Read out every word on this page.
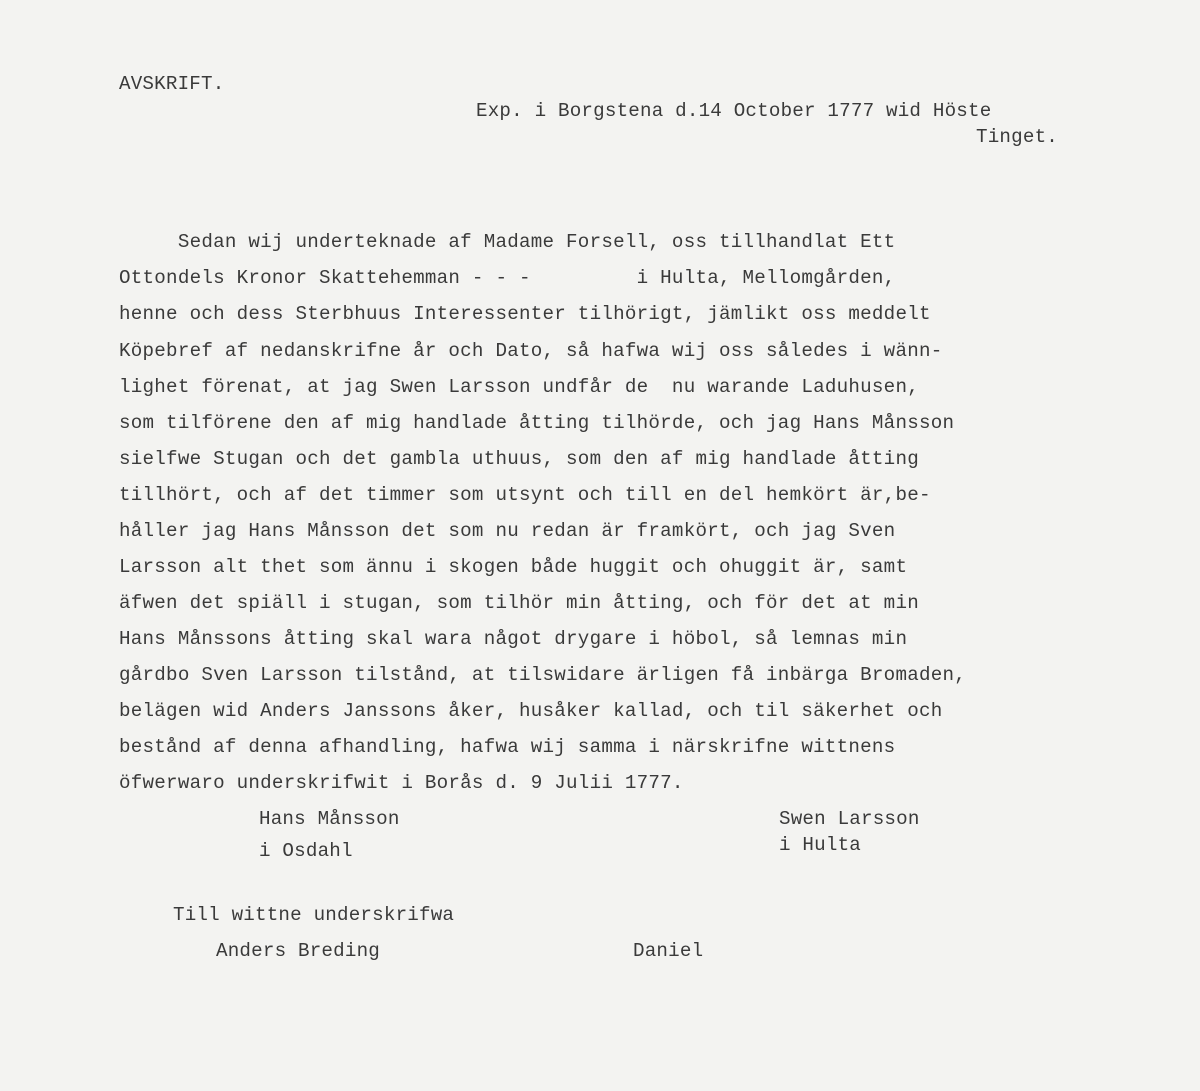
AVSKRIFT.
Exp. i Borgstena d.14 October 1777 wid Höste
Tinget.
Sedan wij underteknade af Madame Forsell, oss tillhandlat Ett
Ottondels Kronor Skattehemman - - -         i Hulta, Mellomgården,
henne och dess Sterbhuus Interessenter tilhörigt, jämlikt oss meddelt
Köpebref af nedanskrifne år och Dato, så hafwa wij oss således i wänn-
lighet förenat, at jag Swen Larsson undfår de  nu warande Laduhusen,
som tilförene den af mig handlade åtting tilhörde, och jag Hans Månsson
sielfwe Stugan och det gambla uthuus, som den af mig handlade åtting
tillhört, och af det timmer som utsynt och till en del hemkört är,be-
håller jag Hans Månsson det som nu redan är framkört, och jag Sven
Larsson alt thet som ännu i skogen både huggit och ohuggit är, samt
äfwen det spiäll i stugan, som tilhör min åtting, och för det at min
Hans Månssons åtting skal wara något drygare i höbol, så lemnas min
gårdbo Sven Larsson tilstånd, at tilswidare ärligen få inbärga Bromaden,
belägen wid Anders Janssons åker, husåker kallad, och til säkerhet och
bestånd af denna afhandling, hafwa wij samma i närskrifne wittnens
öfwerwaro underskrifwit i Borås d. 9 Julii 1777.
Hans Månsson
i Osdahl
Swen Larsson
i Hulta
Till wittne underskrifwa
Anders Breding	Daniel
